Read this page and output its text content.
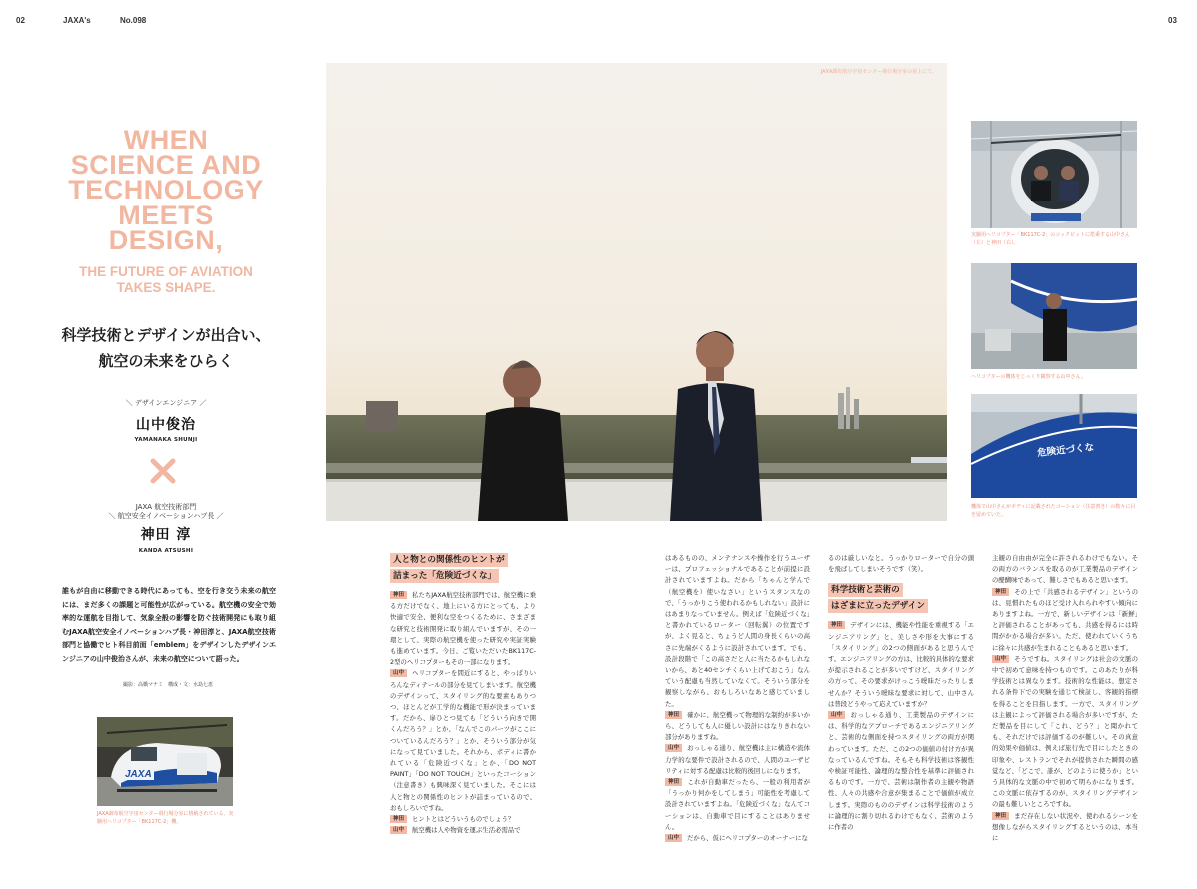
02	JAXA's	No.098	03
WHEN
SCIENCE AND
TECHNOLOGY
MEETS
DESIGN,
THE FUTURE OF AVIATION
TAKES SHAPE.
科学技術とデザインが出合い、
航空の未来をひらく
＼ デザインエンジニア ／
山中俊治
YAMANAKA SHUNJI
JAXA 航空技術部門
＼ 航空安全イノベーションハブ長 ／
神田 淳
KANDA ATSUSHI
誰もが自由に移動できる時代にあっても、空を行き交う未来の航空には、まだ多くの課題と可能性が広がっている。航空機の安全で効率的な運航を目指して、気象全般の影響を防ぐ技術開発にも取り組むJAXA航空安全イノベーションハブ長・神田淳と、JAXA航空技術部門と協働でヒト科目前面「emblem」をデザインしたデザインエンジニアの山中俊治さんが、未来の航空について語った。
撮影：高橋マナミ　構成・文：水島七恵
JAXA調布航空宇宙センター飛行場分室の屋上にて。
実験用ヘリコプター「BK117C-2」のコックピットに搭乗する山中さん（左）と神田（右）。
ヘリコプターの機体をじっくり観察する山中さん。
危険近づくな
機体で山中さんがボディに記載されたコーション（注意書き）の数々に目を留めていた。
JAXA
JAXA調布航空宇宙センター飛行場分室に格納されている、実験用ヘリコプター「BK117C-2」機。
人と物との関係性のヒントが
詰まった「危険近づくな」

神田 私たちJAXA航空技術部門では、航空機に乗る方だけでなく、地上にいる方にとっても、より快適で安全、便利な空をつくるために、さまざまな研究と技術開発に取り組んでいますが、その一環として、実際の航空機を使った研究や実証実験も進めています。今日、ご覧いただいたBK117C-2型のヘリコプターもその一部になります。

山中 ヘリコプターを間近にすると、やっぱりいろんなディテールの部分を見てしまいます。航空機のデザインって、スタイリング的な要素もありつつ、ほとんどが工学的な機能で形が決まっています。だから、扉ひとつ見ても「どういう向きで開くんだろう？」とか、「なんでこのパーツがここについているんだろう？」とか、そういう部分が気になって見ていました。それから、ボディに書かれている「危険近づくな」とか、「DO NOT PAINT」「DO NOT TOUCH」といったコーション（注意書き）も興味深く見ていました。そこには人と物との関係性のヒントが詰まっているので、おもしろいですね。

神田 ヒントとはどういうものでしょう？

山中 航空機は人や物資を運ぶ生活必需品で

はあるものの、メンテナンスや操作を行うユーザーは、プロフェッショナルであることが前提に設計されていますよね。だから「ちゃんと学んで（航空機を）使いなさい」というスタンスなので、「うっかりこう使われるかもしれない」設計にはあまりなっていません。例えば「危険近づくな」と書かれているローター（回転翼）の位置ですが、よく見ると、ちょうど人間の身長くらいの高さに先端がくるように設計されています。でも、設計段階で「この高さだと人に当たるかもしれないから、あと40センチくらい上げておこう」なんていう配慮も当然していなくて。そういう部分を観察しながら、おもしろいなあと感じていました。

神田 確かに、航空機って物理的な制約が多いから、どうしても人に優しい設計にはなりきれない部分がありますね。

山中 おっしゃる通り、航空機は主に構造や流体力学的な要件で設計されるので、人間のユーザビリティに対する配慮は比較的後回しになります。

神田 これが自動車だったら、一般の利用者が「うっかり何かをしてしまう」可能性を考慮して設計されていますよね。「危険近づくな」なんてコーションは、自動車で目にすることはありません。

山中 だから、仮にヘリコプターのオーナーにな

るのは厳しいなと。うっかりローターで自分の頭を飛ばしてしまいそうです（笑）。

科学技術と芸術の
はざまに立ったデザイン

神田 デザインには、機能や性能を重視する「エンジニアリング」と、美しさや形を大事にする「スタイリング」の2つの側面があると思うんです。エンジニアリングの方は、比較的具体的な要求が提示されることが多いですけど、スタイリングの方って、その要求がけっこう曖昧だったりしませんか？そういう曖昧な要求に対して、山中さんは普段どうやって応えていますか？

山中 おっしゃる通り、工業製品のデザインには、科学的なアプローチであるエンジニアリングと、芸術的な側面を持つスタイリングの両方が関わっています。ただ、この2つの価値の付け方が異なっているんですね。そもそも科学技術は客観性や検証可能性、論理的な整合性を基準に評価されるものです。一方で、芸術は制作者の主観や物語性、人々の共感や合意が集まることで価値が成立します。実際のもののデザインは科学技術のように論理的に割り切れるわけでもなく、芸術のように作者の

主観の自由由が完全に許されるわけでもない。その両方のバランスを取るのが工業製品のデザインの醍醐味であって、難しさでもあると思います。

神田 その上で「共感されるデザイン」というのは、見慣れたものほど受け入れられやすい傾向にありますよね。一方で、新しいデザインは「新鮮」と評価されることがあっても、共感を得るには時間がかかる場合が多い。ただ、使われていくうちに徐々に共感が生まれることもあると思います。

山中 そうですね。スタイリングは社会の文脈の中で初めて意味を持つものです。このあたりが科学技術とは異なります。技術的な性能は、想定される条件下での実験を通じて検証し、客観的指標を得ることを目指します。一方で、スタイリングは主観によって評価される場合が多いですが、ただ製品を目にして「これ、どう？」と聞かれても、それだけでは評価するのが難しい。その真意的効果や価値は、例えば旅行先で目にしたときの印象や、レストランでそれが提供された瞬間の感覚など、「どこで、誰が、どのように使うか」という具体的な文脈の中で初めて明らかになります。この文脈に依存するのが、スタイリングデザインの最も難しいところですね。

神田 まだ存在しない状況や、使われるシーンを想像しながらスタイリングするというのは、本当に
